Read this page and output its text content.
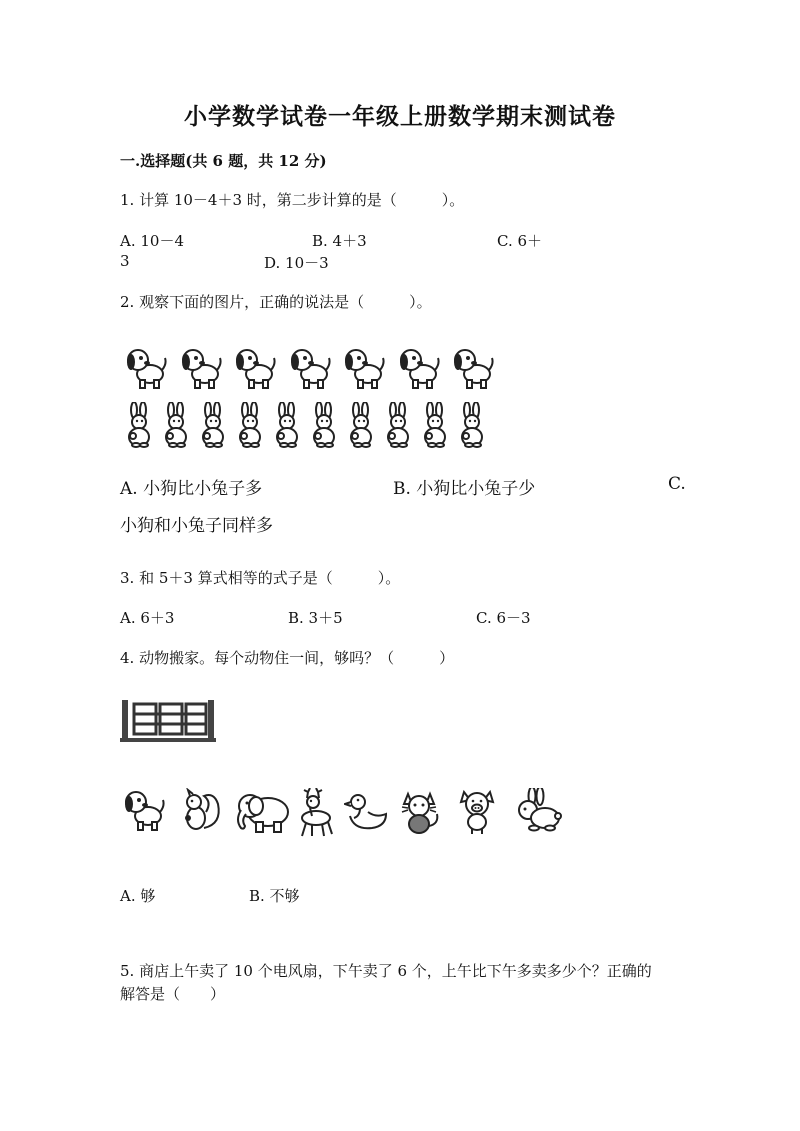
小学数学试卷一年级上册数学期末测试卷
一.选择题(共 6 题，共 12 分)
1. 计算 10－4＋3 时，第二步计算的是（　　　）。
A. 10－4	B. 4＋3	C. 6＋
3	D. 10－3
2. 观察下面的图片，正确的说法是（　　　）。
A. 小狗比小兔子多	B. 小狗比小兔子少	C.
小狗和小兔子同样多
3. 和 5＋3 算式相等的式子是（　　　）。
A. 6＋3	B. 3＋5	C. 6－3
4. 动物搬家。每个动物住一间，够吗？（　　　）
A. 够	B. 不够
5. 商店上午卖了 10 个电风扇，下午卖了 6 个，上午比下午多卖多少个？正确的
解答是（　　）
